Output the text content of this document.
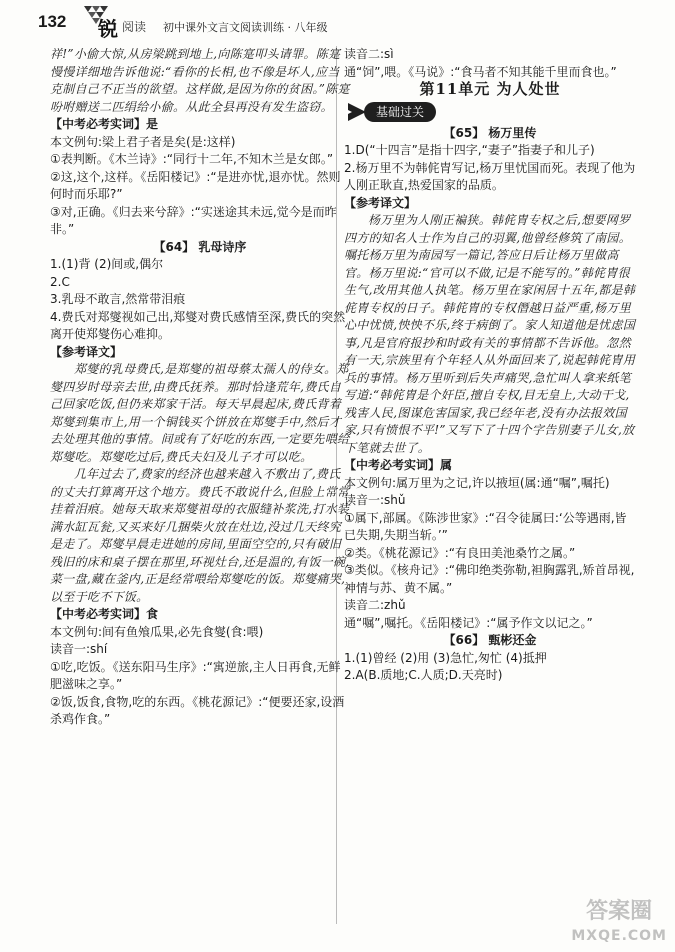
132 锐 阅读 初中课外文言文阅读训练 · 八年级

祥!”小偷大惊,从房梁跳到地上,向陈寔叩头请罪。陈寔慢慢详细地告诉他说:“看你的长相,也不像是坏人,应当克制自己不正当的欲望。这样做,是因为你的贫困。”陈寔吩咐赠送二匹绢给小偷。从此全县再没有发生盗窃。

【中考必考实词】是

本文例句:梁上君子者是矣(是:这样)

①表判断。《木兰诗》:“同行十二年,不知木兰是女郎。”

②这,这个,这样。《岳阳楼记》:“是进亦忧,退亦忧。然则何时而乐耶?”

③对,正确。《归去来兮辞》:“实迷途其未远,觉今是而昨非。”

【64】 乳母诗序

1.(1)背 (2)间或,偶尔

2.C

3.乳母不敢言,然常带泪痕

4.费氏对郑燮视如己出,郑燮对费氏感情至深,费氏的突然离开使郑燮伤心难抑。

【参考译文】

郑燮的乳母费氏,是郑燮的祖母蔡太孺人的侍女。郑燮四岁时母亲去世,由费氏抚养。那时恰逢荒年,费氏自己回家吃饭,但仍来郑家干活。每天早晨起床,费氏背着郑燮到集市上,用一个铜钱买个饼放在郑燮手中,然后才去处理其他的事情。间或有了好吃的东西,一定要先喂给郑燮吃。郑燮吃过后,费氏夫妇及儿子才可以吃。

几年过去了,费家的经济也越来越入不敷出了,费氏的丈夫打算离开这个地方。费氏不敢说什么,但脸上常常挂着泪痕。她每天取来郑燮祖母的衣服缝补浆洗,打水装满水缸瓦瓮,又买来好几捆柴火放在灶边,没过几天终究是走了。郑燮早晨走进她的房间,里面空空的,只有破旧残旧的床和桌子摆在那里,环视灶台,还是温的,有饭一碗,菜一盘,藏在釜内,正是经常喂给郑燮吃的饭。郑燮痛哭,以至于吃不下饭。

【中考必考实词】食

本文例句:间有鱼飧瓜果,必先食燮(食:喂)

读音一:shí

①吃,吃饭。《送东阳马生序》:“寓逆旅,主人日再食,无鲜肥滋味之享。”

②饭,饭食,食物,吃的东西。《桃花源记》:“便要还家,设酒杀鸡作食。”

读音二:sì

通“饲”,喂。《马说》:“食马者不知其能千里而食也。”

第11单元 为人处世

基础过关

【65】 杨万里传

1.D(“十四言”是指十四字,“妻子”指妻子和儿子)

2.杨万里不为韩侂胄写记,杨万里忧国而死。表现了他为人刚正耿直,热爱国家的品质。

【参考译文】

杨万里为人刚正褊狭。韩侂胄专权之后,想要网罗四方的知名人士作为自己的羽翼,他曾经修筑了南园。嘱托杨万里为南园写一篇记,答应日后让杨万里做高官。杨万里说:“官可以不做,记是不能写的。”韩侂胄很生气,改用其他人执笔。杨万里在家闲居十五年,都是韩侂胄专权的日子。韩侂胄的专权僭越日益严重,杨万里心中忧愤,怏怏不乐,终于病倒了。家人知道他是忧虑国事,凡是官府报抄和时政有关的事情都不告诉他。忽然有一天,宗族里有个年轻人从外面回来了,说起韩侂胄用兵的事情。杨万里听到后失声痛哭,急忙叫人拿来纸笔写道:“韩侂胄是个奸臣,擅自专权,目无皇上,大动干戈,残害人民,图谋危害国家,我已经年老,没有办法报效国家,只有愤恨不平!”又写下了十四个字告别妻子儿女,放下笔就去世了。

【中考必考实词】属

本文例句:属万里为之记,许以掖垣(属:通“嘱”,嘱托)

读音一:shǔ

①属下,部属。《陈涉世家》:“召令徒属曰:‘公等遇雨,皆已失期,失期当斩。’”

②类。《桃花源记》:“有良田美池桑竹之属。”

③类似。《核舟记》:“佛印绝类弥勒,袒胸露乳,矫首昂视,神情与苏、黄不属。”

读音二:zhǔ

通“嘱”,嘱托。《岳阳楼记》:“属予作文以记之。”

【66】 甄彬还金

1.(1)曾经 (2)用 (3)急忙,匆忙 (4)抵押

2.A(B.质地;C.人质;D.天亮时)

答案圈
MXQE.COM
